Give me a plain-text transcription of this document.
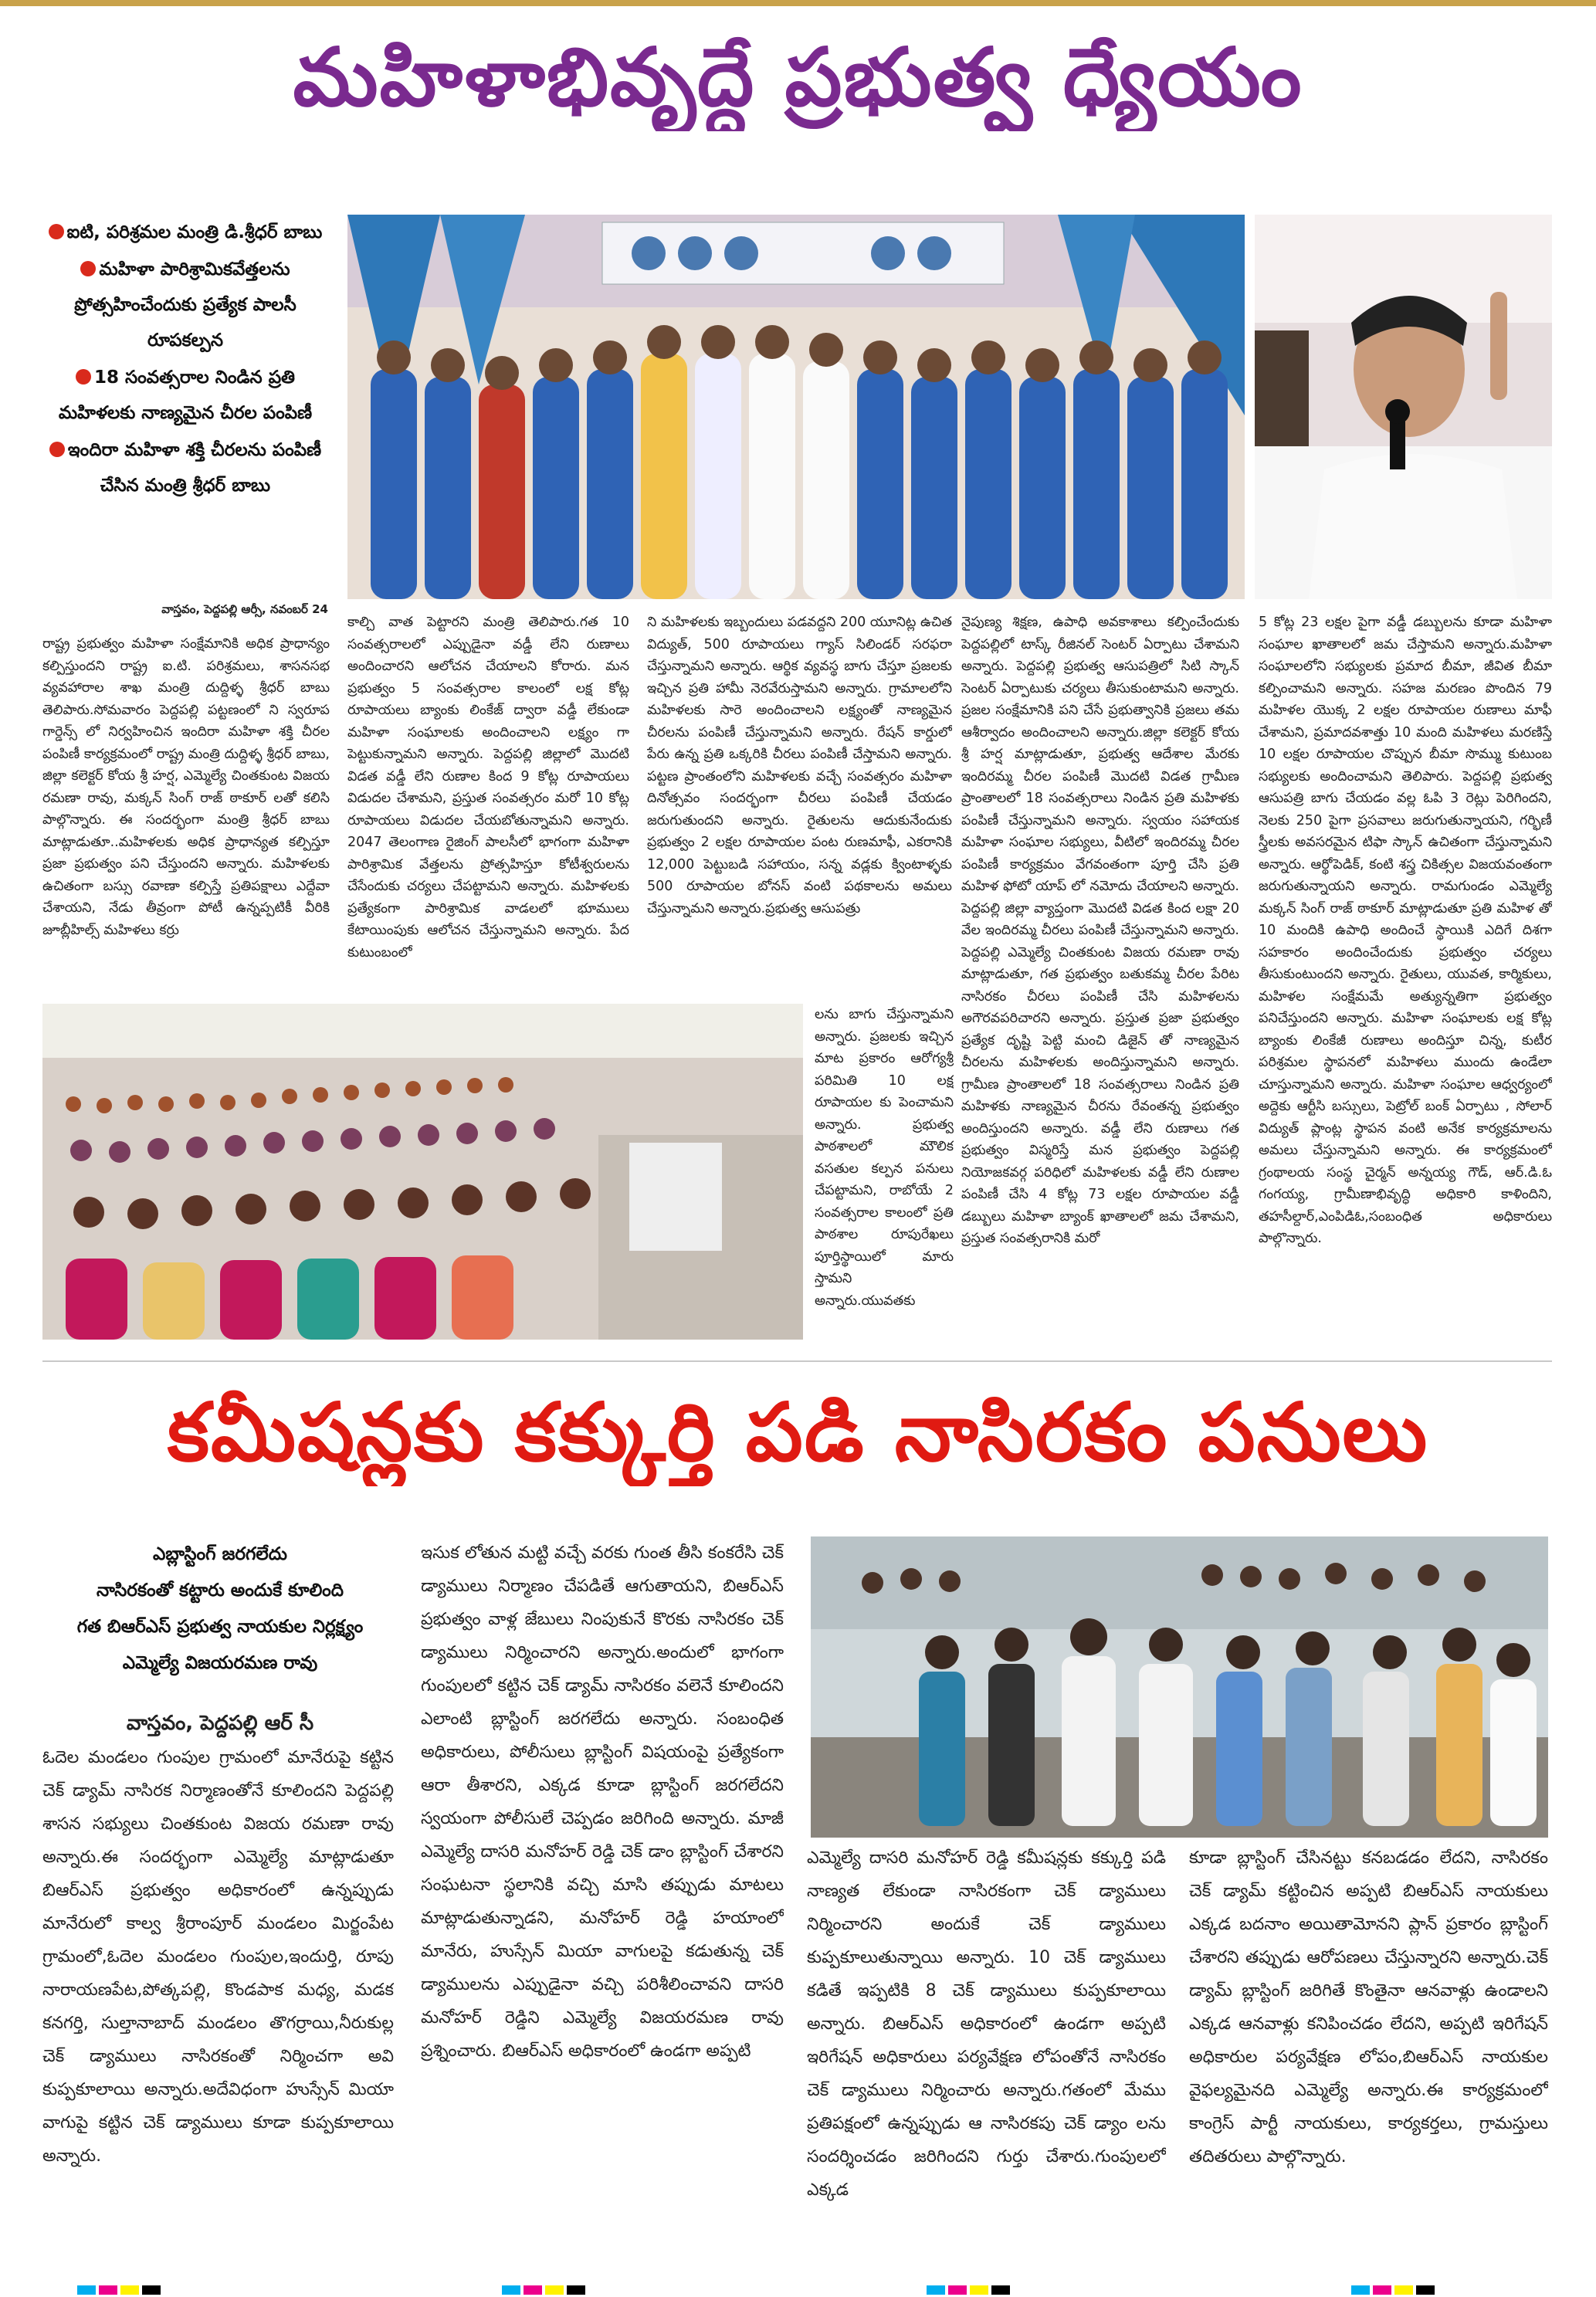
మహిళాభివృద్ధే ప్రభుత్వ ధ్యేయం
ఐటి, పరిశ్రమల మంత్రి డి.శ్రీధర్ బాబు
మహిళా పారిశ్రామికవేత్తలను ప్రోత్సహించేందుకు ప్రత్యేక పాలసీ రూపకల్పన
18 సంవత్సరాల నిండిన ప్రతి మహిళలకు నాణ్యమైన చీరల పంపిణీ
ఇందిరా మహిళా శక్తి చీరలను పంపిణీ చేసిన మంత్రి శ్రీధర్ బాబు
వాస్తవం, పెద్దపల్లి ఆర్సీ, నవంబర్ 24
రాష్ట్ర ప్రభుత్వం మహిళా సంక్షేమానికి అధిక ప్రాధాన్యం కల్పిస్తుందని రాష్ట్ర ఐ.టి. పరిశ్రమలు, శాసనసభ వ్యవహారాల శాఖ మంత్రి దుద్దిళ్ళ శ్రీధర్ బాబు తెలిపారు.సోమవారం పెద్దపల్లి పట్టణంలో ని స్వరూప గార్డెన్స్ లో నిర్వహించిన ఇందిరా మహిళా శక్తి చీరల పంపిణీ కార్యక్రమంలో రాష్ట్ర మంత్రి దుద్దిళ్ళ శ్రీధర్ బాబు, జిల్లా కలెక్టర్ కోయ శ్రీ హర్ష, ఎమ్మెల్యే చింతకుంట విజయ రమణా రావు, మక్కన్ సింగ్ రాజ్ ఠాకూర్ లతో కలిసి పాల్గొన్నారు. ఈ సందర్భంగా మంత్రి శ్రీధర్ బాబు మాట్లాడుతూ..మహిళలకు అధిక ప్రాధాన్యత కల్పిస్తూ ప్రజా ప్రభుత్వం పని చేస్తుందని అన్నారు. మహిళలకు ఉచితంగా బస్సు రవాణా కల్పిస్తే ప్రతిపక్షాలు ఎద్దేవా చేశాయని, నేడు తీవ్రంగా పోటీ ఉన్నప్పటికీ వీరికి జూబ్లీహిల్స్ మహిళలు కర్రు
కాల్చి వాత పెట్టారని మంత్రి తెలిపారు.గత 10 సంవత్సరాలలో ఎప్పుడైనా వడ్డీ లేని రుణాలు అందించారని ఆలోచన చేయాలని కోరారు. మన ప్రభుత్వం 5 సంవత్సరాల కాలంలో లక్ష కోట్ల రూపాయలు బ్యాంకు లింకేజ్ ద్వారా వడ్డీ లేకుండా మహిళా సంఘాలకు అందించాలని లక్ష్యం గా పెట్టుకున్నామని అన్నారు. పెద్దపల్లి జిల్లాలో మొదటి విడత వడ్డీ లేని రుణాల కింద 9 కోట్ల రూపాయలు విడుదల చేశామని, ప్రస్తుత సంవత్సరం మరో 10 కోట్ల రూపాయలు విడుదల చేయబోతున్నామని అన్నారు. 2047 తెలంగాణ రైజింగ్ పాలసీలో భాగంగా మహిళా పారిశ్రామిక వేత్తలను ప్రోత్సహిస్తూ కోటీశ్వరులను చేసేందుకు చర్యలు చేపట్టామని అన్నారు. మహిళలకు ప్రత్యేకంగా పారిశ్రామిక వాడలలో భూములు కేటాయింపుకు ఆలోచన చేస్తున్నామని అన్నారు. పేద కుటుంబంలో
ని మహిళలకు ఇబ్బందులు పడవద్దని 200 యూనిట్ల ఉచిత విద్యుత్, 500 రూపాయలు గ్యాస్ సిలిండర్ సరఫరా చేస్తున్నామని అన్నారు. ఆర్థిక వ్యవస్థ బాగు చేస్తూ ప్రజలకు ఇచ్చిన ప్రతి హామీ నెరవేరుస్తామని అన్నారు. గ్రామాలలోని మహిళలకు సారె అందించాలని లక్ష్యంతో నాణ్యమైన చీరలను పంపిణీ చేస్తున్నామని అన్నారు. రేషన్ కార్డులో పేరు ఉన్న ప్రతి ఒక్కరికి చీరలు పంపిణీ చేస్తామని అన్నారు. పట్టణ ప్రాంతంలోని మహిళలకు వచ్చే సంవత్సరం మహిళా దినోత్సవం సందర్భంగా చీరలు పంపిణీ చేయడం జరుగుతుందని అన్నారు. రైతులను ఆదుకునేందుకు ప్రభుత్వం 2 లక్షల రూపాయల పంట రుణమాఫీ, ఎకరానికి 12,000 పెట్టుబడి సహాయం, సన్న వడ్లకు క్వింటాళ్ళకు 500 రూపాయల బోనస్ వంటి పథకాలను అమలు చేస్తున్నామని అన్నారు.ప్రభుత్వ ఆసుపత్రు
లను బాగు చేస్తున్నామని అన్నారు. ప్రజలకు ఇచ్చిన మాట ప్రకారం ఆరోగ్యశ్రీ పరిమితి 10 లక్ష రూపాయల కు పెంచామని అన్నారు. ప్రభుత్వ పాఠశాలలో మౌలిక వసతుల కల్పన పనులు చేపట్టామని, రాబోయే 2 సంవత్సరాల కాలంలో ప్రతి పాఠశాల రూపురేఖలు పూర్తిస్థాయిలో మారు స్తామని అన్నారు.యువతకు
నైపుణ్య శిక్షణ, ఉపాధి అవకాశాలు కల్పించేందుకు పెద్దపల్లిలో టాస్క్ రీజినల్ సెంటర్ ఏర్పాటు చేశామని అన్నారు. పెద్దపల్లి ప్రభుత్వ ఆసుపత్రిలో సిటి స్కాన్ సెంటర్ ఏర్పాటుకు చర్యలు తీసుకుంటామని అన్నారు. ప్రజల సంక్షేమానికి పని చేసే ప్రభుత్వానికి ప్రజలు తమ ఆశీర్వాదం అందించాలని అన్నారు.జిల్లా కలెక్టర్ కోయ శ్రీ హర్ష మాట్లాడుతూ, ప్రభుత్వ ఆదేశాల మేరకు ఇందిరమ్మ చీరల పంపిణీ మొదటి విడత గ్రామీణ ప్రాంతాలలో 18 సంవత్సరాలు నిండిన ప్రతి మహిళకు పంపిణీ చేస్తున్నామని అన్నారు. స్వయం సహాయక మహిళా సంఘాల సభ్యులు, వీటిలో ఇందిరమ్మ చీరల పంపిణీ కార్యక్రమం వేగవంతంగా పూర్తి చేసి ప్రతి మహిళ ఫోటో యాప్ లో నమోదు చేయాలని అన్నారు. పెద్దపల్లి జిల్లా వ్యాప్తంగా మొదటి విడత కింద లక్షా 20 వేల ఇందిరమ్మ చీరలు పంపిణీ చేస్తున్నామని అన్నారు. పెద్దపల్లి ఎమ్మెల్యే చింతకుంట విజయ రమణా రావు మాట్లాడుతూ, గత ప్రభుత్వం బతుకమ్మ చీరల పేరిట నాసిరకం చీరలు పంపిణీ చేసి మహిళలను అగౌరవపరిచారని అన్నారు. ప్రస్తుత ప్రజా ప్రభుత్వం ప్రత్యేక దృష్టి పెట్టి మంచి డిజైన్ తో నాణ్యమైన చీరలను మహిళలకు అందిస్తున్నామని అన్నారు. గ్రామీణ ప్రాంతాలలో 18 సంవత్సరాలు నిండిన ప్రతి మహిళకు నాణ్యమైన చీరను రేవంతన్న ప్రభుత్వం అందిస్తుందని అన్నారు. వడ్డీ లేని రుణాలు గత ప్రభుత్వం విస్మరిస్తే మన ప్రభుత్వం పెద్దపల్లి నియోజకవర్గ పరిధిలో మహిళలకు వడ్డీ లేని రుణాల పంపిణీ చేసి 4 కోట్ల 73 లక్షల రూపాయల వడ్డీ డబ్బులు మహిళా బ్యాంక్ ఖాతాలలో జమ చేశామని, ప్రస్తుత సంవత్సరానికి మరో
5 కోట్ల 23 లక్షల పైగా వడ్డీ డబ్బులను కూడా మహిళా సంఘాల ఖాతాలలో జమ చేస్తామని అన్నారు.మహిళా సంఘాలలోని సభ్యులకు ప్రమాద బీమా, జీవిత బీమా కల్పించామని అన్నారు. సహజ మరణం పొందిన 79 మహిళల యొక్క 2 లక్షల రూపాయల రుణాలు మాఫీ చేశామని, ప్రమాదవశాత్తు 10 మంది మహిళలు మరణిస్తే 10 లక్షల రూపాయల చొప్పున బీమా సొమ్ము కుటుంబ సభ్యులకు అందించామని తెలిపారు. పెద్దపల్లి ప్రభుత్వ ఆసుపత్రి బాగు చేయడం వల్ల ఓపి 3 రెట్లు పెరిగిందని, నెలకు 250 పైగా ప్రసవాలు జరుగుతున్నాయని, గర్భిణీ స్త్రీలకు అవసరమైన టిఫా స్కాన్ ఉచితంగా చేస్తున్నామని అన్నారు. ఆర్థోపెడిక్, కంటి శస్త్ర చికిత్సల విజయవంతంగా జరుగుతున్నాయని అన్నారు. రామగుండం ఎమ్మెల్యే మక్కన్ సింగ్ రాజ్ ఠాకూర్ మాట్లాడుతూ ప్రతి మహిళ తో 10 మందికి ఉపాధి అందించే స్థాయికి ఎదిగే దిశగా సహకారం అందించేందుకు ప్రభుత్వం చర్యలు తీసుకుంటుందని అన్నారు. రైతులు, యువత, కార్మికులు, మహిళల సంక్షేమమే అత్యున్నతిగా ప్రభుత్వం పనిచేస్తుందని అన్నారు. మహిళా సంఘాలకు లక్ష కోట్ల బ్యాంకు లింకేజీ రుణాలు అందిస్తూ చిన్న, కుటీర పరిశ్రమల స్థాపనలో మహిళలు ముందు ఉండేలా చూస్తున్నామని అన్నారు. మహిళా సంఘాల ఆధ్వర్యంలో అద్దెకు ఆర్టీసి బస్సులు, పెట్రోల్ బంక్ ఏర్పాటు , సోలార్ విద్యుత్ ప్లాంట్ల స్థాపన వంటి అనేక కార్యక్రమాలను అమలు చేస్తున్నామని అన్నారు. ఈ కార్యక్రమంలో గ్రంథాలయ సంస్థ చైర్మన్ అన్నయ్య గౌడ్, ఆర్.డి.ఓ గంగయ్య, గ్రామీణాభివృద్ధి అధికారి కాళిందిని, తహసీల్దార్,ఎంపిడిఓ,సంబంధిత అధికారులు పాల్గొన్నారు.
కమీషన్లకు కక్కుర్తి పడి నాసిరకం పనులు
ఎబ్లాస్టింగ్ జరగలేదు
నాసిరకంతో కట్టారు అందుకే కూలింది
గత బిఆర్ఎస్ ప్రభుత్వ నాయకుల నిర్లక్ష్యం
ఎమ్మెల్యే విజయరమణ రావు
వాస్తవం, పెద్దపల్లి ఆర్ సీ
ఓదెల మండలం గుంపుల గ్రామంలో మానేరుపై కట్టిన చెక్ డ్యామ్ నాసిరక నిర్మాణంతోనే కూలిందని పెద్దపల్లి శాసన సభ్యులు చింతకుంట విజయ రమణా రావు అన్నారు.ఈ సందర్భంగా ఎమ్మెల్యే మాట్లాడుతూ బిఆర్ఎస్ ప్రభుత్వం అధికారంలో ఉన్నప్పుడు మానేరులో కాల్వ శ్రీరాంపూర్ మండలం మిర్జంపేట గ్రామంలో,ఓదెల మండలం గుంపుల,ఇందుర్తి, రూపు నారాయణపేట,పోత్కపల్లి, కొండపాక మధ్య, మడక కనగర్తి, సుల్తానాబాద్ మండలం తొగర్రాయి,నీరుకుల్ల చెక్ డ్యాములు నాసిరకంతో నిర్మించగా అవి కుప్పకూలాయి అన్నారు.అదేవిధంగా హుస్సేన్ మియా వాగుపై కట్టిన చెక్ డ్యాములు కూడా కుప్పకూలాయి అన్నారు.
ఇసుక లోతున మట్టి వచ్చే వరకు గుంత తీసి కంకరేసి చెక్ డ్యాములు నిర్మాణం చేపడితే ఆగుతాయని, బిఆర్ఎస్ ప్రభుత్వం వాళ్ల జేబులు నింపుకునే కొరకు నాసిరకం చెక్ డ్యాములు నిర్మించారని అన్నారు.అందులో భాగంగా గుంపులలో కట్టిన చెక్ డ్యామ్ నాసిరకం వలెనే కూలిందని ఎలాంటి బ్లాస్టింగ్ జరగలేదు అన్నారు. సంబంధిత అధికారులు, పోలీసులు బ్లాస్టింగ్ విషయంపై ప్రత్యేకంగా ఆరా తీశారని, ఎక్కడ కూడా బ్లాస్టింగ్ జరగలేదని స్వయంగా పోలీసులే చెప్పడం జరిగింది అన్నారు. మాజీ ఎమ్మెల్యే దాసరి మనోహర్ రెడ్డి చెక్ డాం బ్లాస్టింగ్ చేశారని సంఘటనా స్థలానికి వచ్చి మాసి తప్పుడు మాటలు మాట్లాడుతున్నాడని, మనోహర్ రెడ్డి హయాంలో మానేరు, హుస్సేన్ మియా వాగులపై కడుతున్న చెక్ డ్యాములను ఎప్పుడైనా వచ్చి పరిశీలించావని దాసరి మనోహర్ రెడ్డిని ఎమ్మెల్యే విజయరమణ రావు ప్రశ్నించారు. బిఆర్ఎస్ అధికారంలో ఉండగా అప్పటి
ఎమ్మెల్యే దాసరి మనోహర్ రెడ్డి కమీషన్లకు కక్కుర్తి పడి నాణ్యత లేకుండా నాసిరకంగా చెక్ డ్యాములు నిర్మించారని అందుకే చెక్ డ్యాములు కుప్పకూలుతున్నాయి అన్నారు. 10 చెక్ డ్యాములు కడితే ఇప్పటికి 8 చెక్ డ్యాములు కుప్పకూలాయి అన్నారు. బిఆర్ఎస్ అధికారంలో ఉండగా అప్పటి ఇరిగేషన్ అధికారులు పర్యవేక్షణ లోపంతోనే నాసిరకం చెక్ డ్యాములు నిర్మించారు అన్నారు.గతంలో మేము ప్రతిపక్షంలో ఉన్నప్పుడు ఆ నాసిరకపు చెక్ డ్యాం లను సందర్శించడం జరిగిందని గుర్తు చేశారు.గుంపులలో ఎక్కడ
కూడా బ్లాస్టింగ్ చేసినట్టు కనబడడం లేదని, నాసిరకం చెక్ డ్యామ్ కట్టించిన అప్పటి బిఆర్ఎస్ నాయకులు ఎక్కడ బదనాం అయితామోనని ప్లాన్ ప్రకారం బ్లాస్టింగ్ చేశారని తప్పుడు ఆరోపణలు చేస్తున్నారని అన్నారు.చెక్ డ్యామ్ బ్లాస్టింగ్ జరిగితే కొంతైనా ఆనవాళ్లు ఉండాలని ఎక్కడ ఆనవాళ్లు కనిపించడం లేదని, అప్పటి ఇరిగేషన్ అధికారుల పర్యవేక్షణ లోపం,బిఆర్ఎస్ నాయకుల వైఫల్యమైనది ఎమ్మెల్యే అన్నారు.ఈ కార్యక్రమంలో కాంగ్రెస్ పార్టీ నాయకులు, కార్యకర్తలు, గ్రామస్తులు తదితరులు పాల్గొన్నారు.
